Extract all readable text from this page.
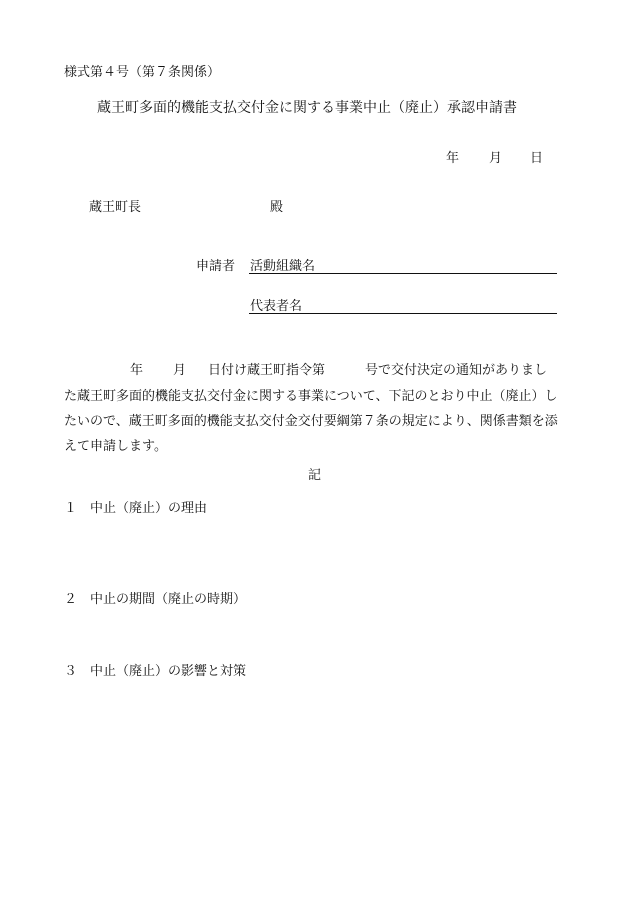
様式第４号（第７条関係）
蔵王町多面的機能支払交付金に関する事業中止（廃止）承認申請書
年 月 日
蔵王町長	殿
申請者 活動組織名
代表者名
年 月 日付け蔵王町指令第	号で交付決定の通知がありまし
た蔵王町多面的機能支払交付金に関する事業について、下記のとおり中止（廃止）し
たいので、蔵王町多面的機能支払交付金交付要綱第７条の規定により、関係書類を添
えて申請します。
記
１ 中止（廃止）の理由
２ 中止の期間（廃止の時期）
３ 中止（廃止）の影響と対策
